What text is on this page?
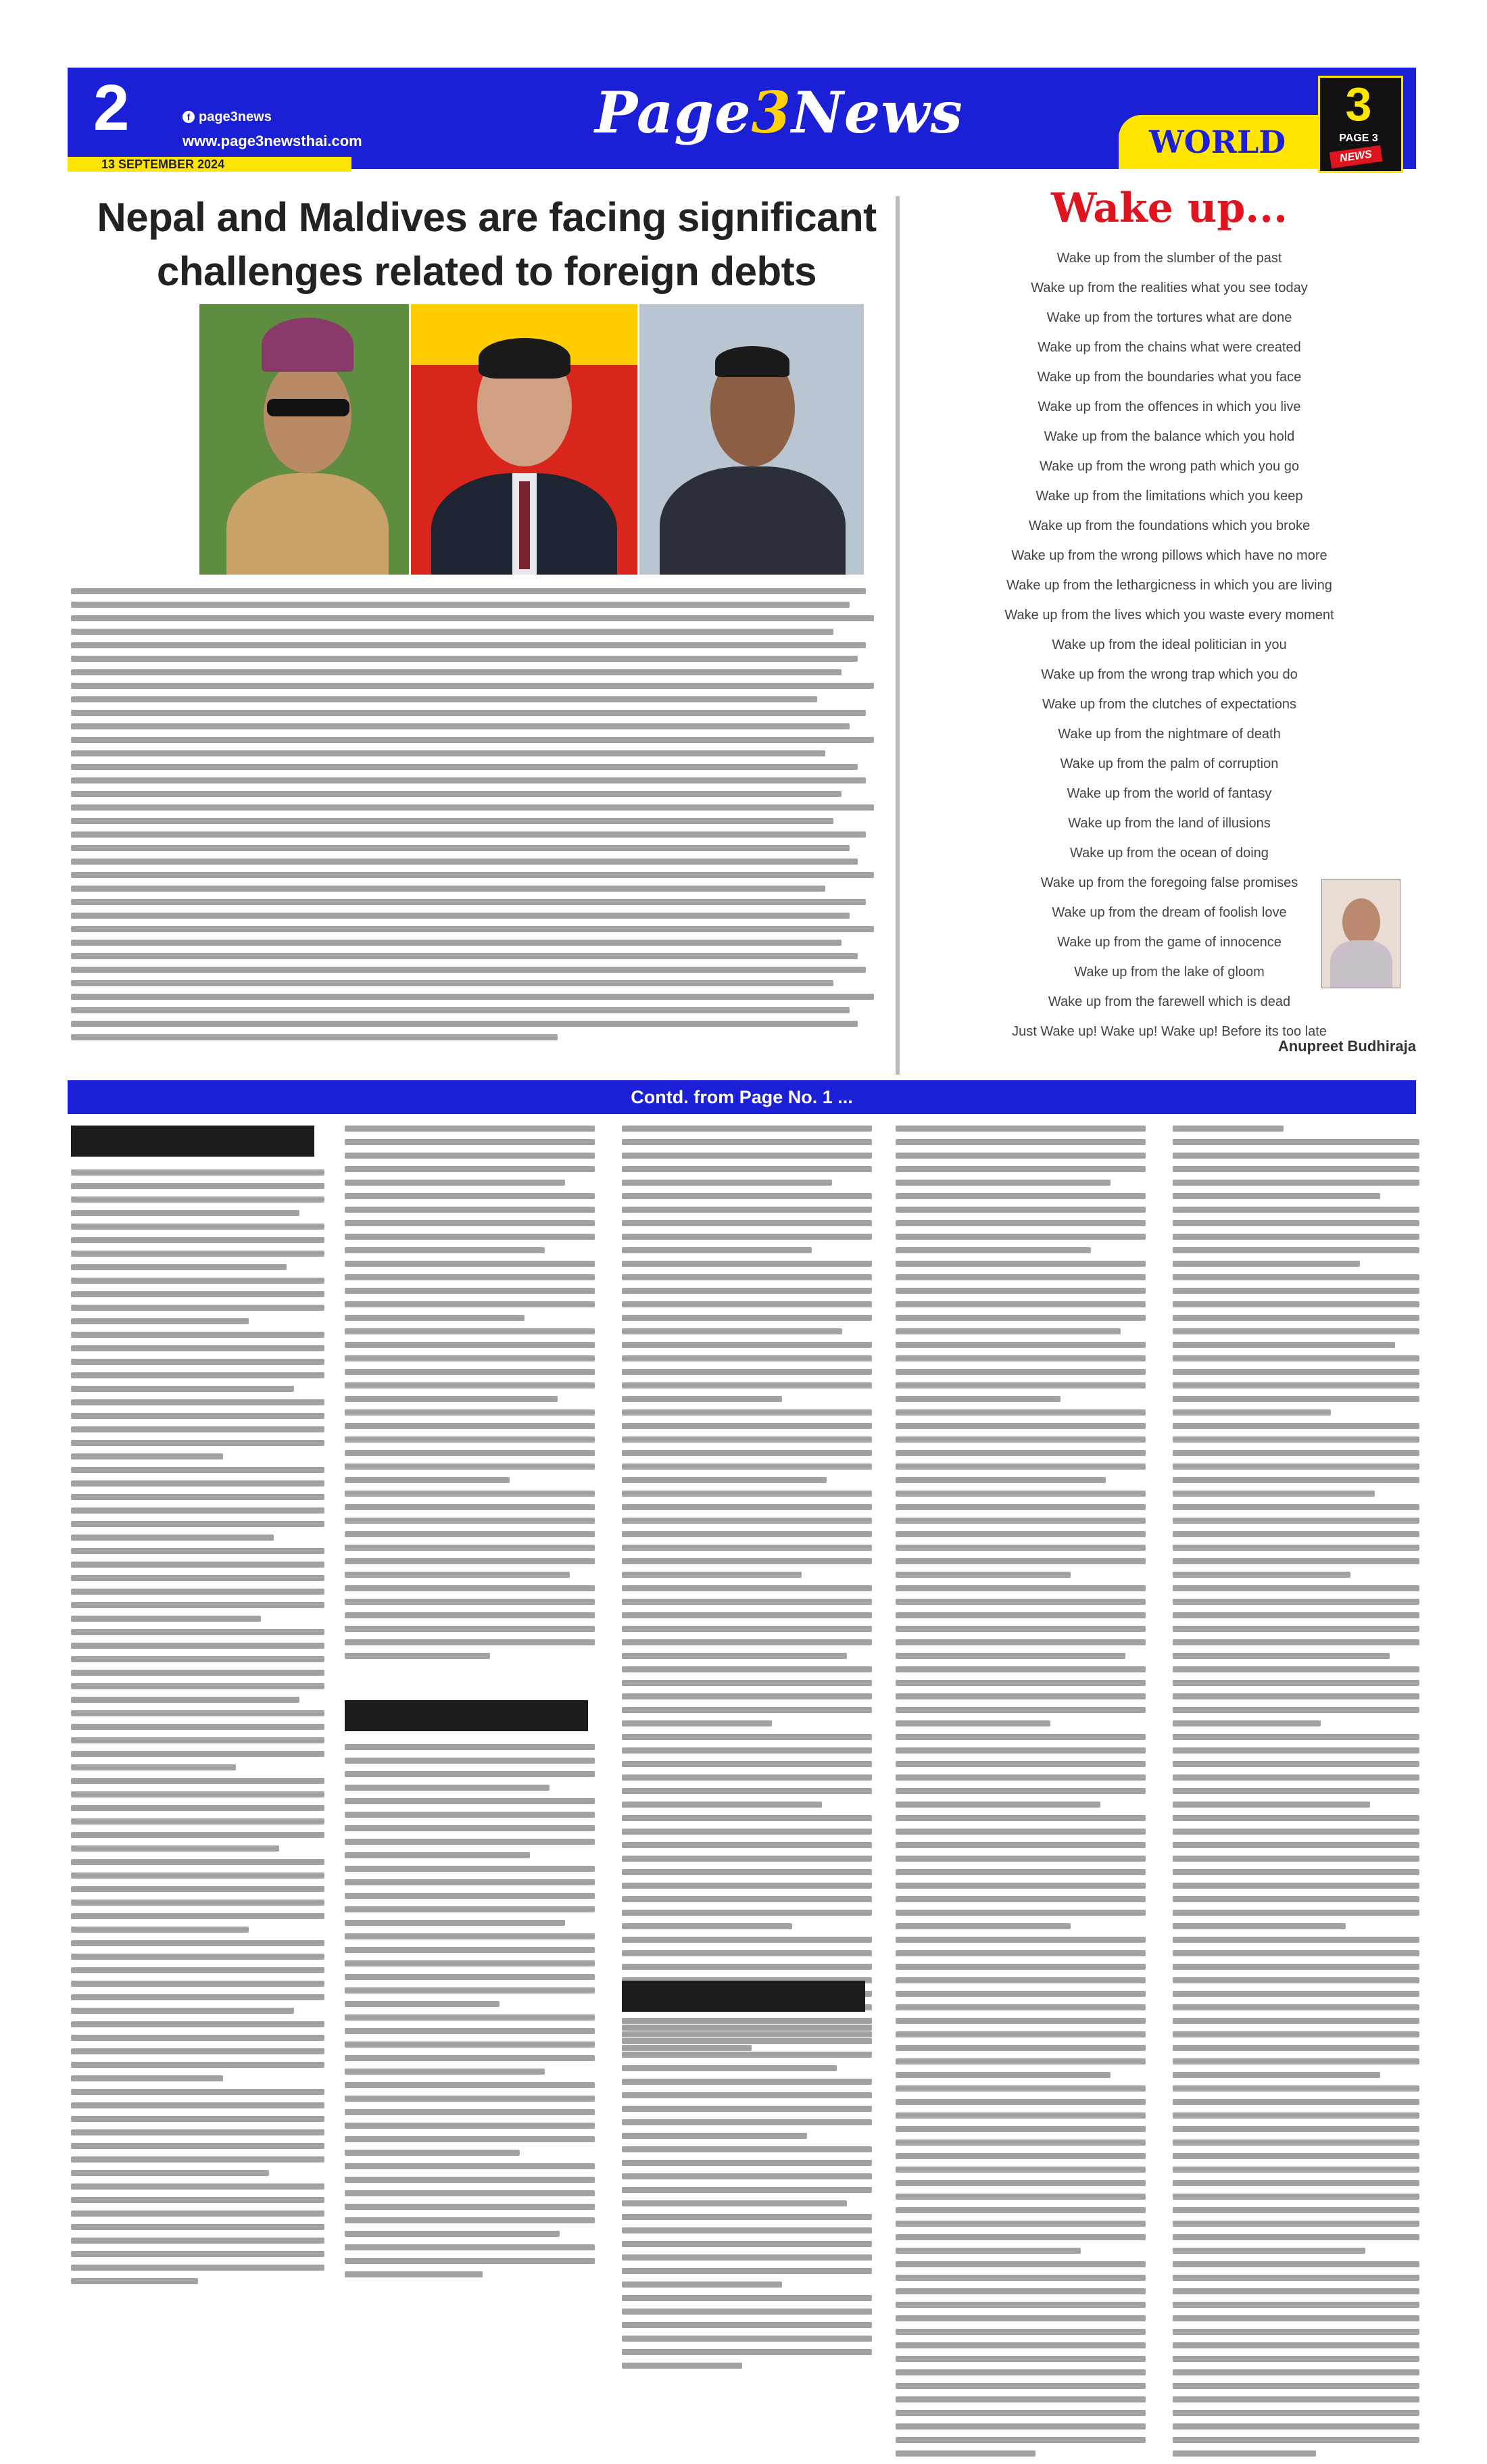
2	f page3news
www.page3newsthai.com	Page3News
13 SEPTEMBER 2024
WORLD
3
PAGE 3
NEWS
Nepal and Maldives are facing significant challenges related to foreign debts
Wake up...
Wake up from the slumber of the past
Wake up from the realities what you see today
Wake up from the tortures what are done
Wake up from the chains what were created
Wake up from the boundaries what you face
Wake up from the offences in which you live
Wake up from the balance which you hold
Wake up from the wrong path which you go
Wake up from the limitations which you keep
Wake up from the foundations which you broke
Wake up from the wrong pillows which have no more
Wake up from the lethargicness in which you are living
Wake up from the lives which you waste every moment
Wake up from the ideal politician in you
Wake up from the wrong trap which you do
Wake up from the clutches of expectations
Wake up from the nightmare of death
Wake up from the palm of corruption
Wake up from the world of fantasy
Wake up from the land of illusions
Wake up from the ocean of doing
Wake up from the foregoing false promises
Wake up from the dream of foolish love
Wake up from the game of innocence
Wake up from the lake of gloom
Wake up from the farewell which is dead
Just Wake up! Wake up! Wake up! Before its too late
Anupreet Budhiraja
Contd. from Page No. 1 ...
